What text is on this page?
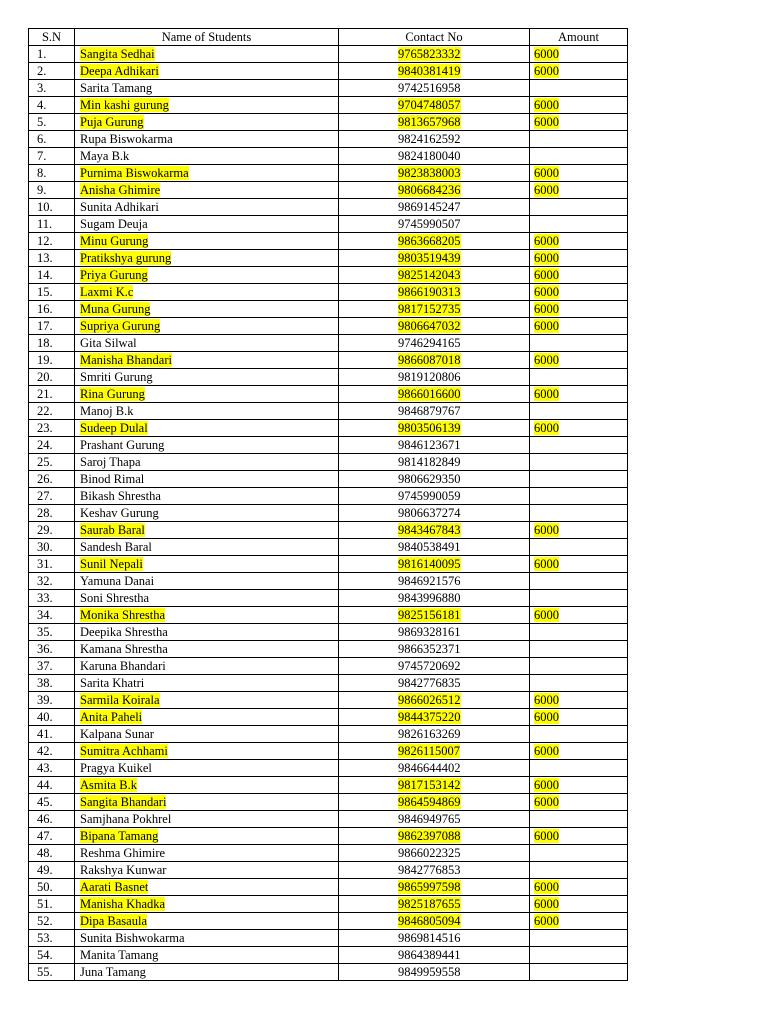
S.N	Name of Students	Contact No	Amount
1.	Sangita Sedhai	9765823332	6000
2.	Deepa Adhikari	9840381419	6000
3.	Sarita Tamang	9742516958	
4.	Min kashi gurung	9704748057	6000
5.	Puja Gurung	9813657968	6000
6.	Rupa Biswokarma	9824162592	
7.	Maya B.k	9824180040	
8.	Purnima Biswokarma	9823838003	6000
9.	Anisha Ghimire	9806684236	6000
10.	Sunita Adhikari	9869145247	
11.	Sugam Deuja	9745990507	
12.	Minu Gurung	9863668205	6000
13.	Pratikshya gurung	9803519439	6000
14.	Priya Gurung	9825142043	6000
15.	Laxmi K.c	9866190313	6000
16.	Muna Gurung	9817152735	6000
17.	Supriya Gurung	9806647032	6000
18.	Gita Silwal	9746294165	
19.	Manisha Bhandari	9866087018	6000
20.	Smriti Gurung	9819120806	
21.	Rina Gurung	9866016600	6000
22.	Manoj B.k	9846879767	
23.	Sudeep Dulal	9803506139	6000
24.	Prashant Gurung	9846123671	
25.	Saroj Thapa	9814182849	
26.	Binod Rimal	9806629350	
27.	Bikash Shrestha	9745990059	
28.	Keshav Gurung	9806637274	
29.	Saurab Baral	9843467843	6000
30.	Sandesh Baral	9840538491	
31.	Sunil Nepali	9816140095	6000
32.	Yamuna Danai	9846921576	
33.	Soni Shrestha	9843996880	
34.	Monika Shrestha	9825156181	6000
35.	Deepika Shrestha	9869328161	
36.	Kamana Shrestha	9866352371	
37.	Karuna Bhandari	9745720692	
38.	Sarita Khatri	9842776835	
39.	Sarmila Koirala	9866026512	6000
40.	Anita Paheli	9844375220	6000
41.	Kalpana Sunar	9826163269	
42.	Sumitra Achhami	9826115007	6000
43.	Pragya Kuikel	9846644402	
44.	Asmita B.k	9817153142	6000
45.	Sangita Bhandari	9864594869	6000
46.	Samjhana Pokhrel	9846949765	
47.	Bipana Tamang	9862397088	6000
48.	Reshma Ghimire	9866022325	
49.	Rakshya Kunwar	9842776853	
50.	Aarati Basnet	9865997598	6000
51.	Manisha Khadka	9825187655	6000
52.	Dipa Basaula	9846805094	6000
53.	Sunita Bishwokarma	9869814516	
54.	Manita Tamang	9864389441	
55.	Juna Tamang	9849959558	
